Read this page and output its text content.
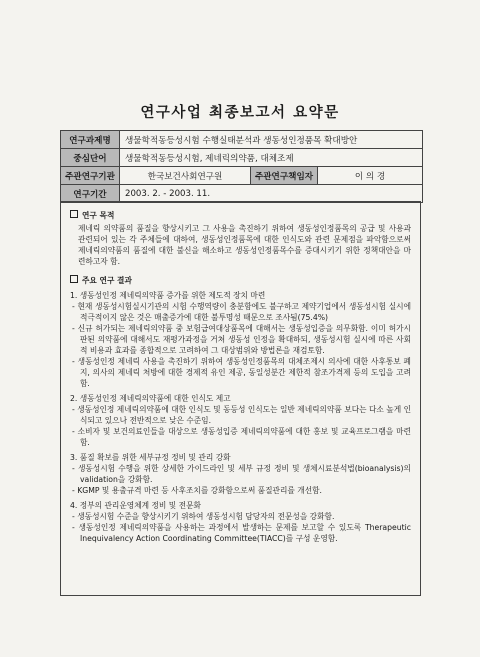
연구사업 최종보고서 요약문
연구과제명	생물학적동등성시험 수행실태분석과 생동성인정품목 확대방안		
중심단어	생물학적동등성시험, 제네릭의약품, 대체조제		
주관연구기관	한국보건사회연구원	주관연구책임자	이 의 경
연구기간	2003. 2. - 2003. 11.		
연구 목적
제네릭 의약품의 품질을 향상시키고 그 사용을 촉진하기 위하여 생동성인정품목의 공급 및 사용과 관련되어 있는 각 주체들에 대하여, 생동성인정품목에 대한 인식도와 관련 문제점을 파악함으로써 제네릭의약품의 품질에 대한 불신을 해소하고 생동성인정품목수를 증대시키기 위한 정책대안을 마련하고자 함.
주요 연구 결과
1. 생동성인정 제네릭의약품 증가를 위한 제도적 장치 마련
- 현재 생동성시험실시기관의 시험 수행역량이 충분함에도 불구하고 제약기업에서 생동성시험 실시에 적극적이지 않은 것은 매출증가에 대한 불투명성 때문으로 조사됨(75.4%)
- 신규 허가되는 제네릭의약품 중 보험급여대상품목에 대해서는 생동성입증을 의무화함. 이미 허가시판된 의약품에 대해서도 재평가과정을 거쳐 생동성 인정을 확대하되, 생동성시험 실시에 따른 사회적 비용과 효과를 종합적으로 고려하여 그 대상범위와 방법론을 재검토함.
- 생동성인정 제네릭 사용을 촉진하기 위하여 생동성인정품목의 대체조제시 의사에 대한 사후통보 폐지, 의사의 제네릭 처방에 대한 경제적 유인 제공, 동일성분간 제한적 참조가격제 등의 도입을 고려함.
2. 생동성인정 제네릭의약품에 대한 인식도 제고
- 생동성인정 제네릭의약품에 대한 인식도 및 동등성 인식도는 일반 제네릭의약품 보다는 다소 높게 인식되고 있으나 전반적으로 낮은 수준임.
- 소비자 및 보건의료인들을 대상으로 생동성입증 제네릭의약품에 대한 홍보 및 교육프로그램을 마련함.
3. 품질 확보를 위한 세부규정 정비 및 관리 강화
- 생동성시험 수행을 위한 상세한 가이드라인 및 세부 규정 정비 및 생체시료분석법(bioanalysis)의 validation을 강화함.
- KGMP 및 용출규격 마련 등 사후조치를 강화함으로써 품질관리를 개선함.
4. 정부의 관리운영체계 정비 및 전문화
- 생동성시험 수준을 향상시키기 위하여 생동성시험 담당자의 전문성을 강화함.
- 생동성인정 제네릭의약품을 사용하는 과정에서 발생하는 문제를 보고할 수 있도록 Therapeutic Inequivalency Action Coordinating Committee(TIACC)를 구성 운영함.
